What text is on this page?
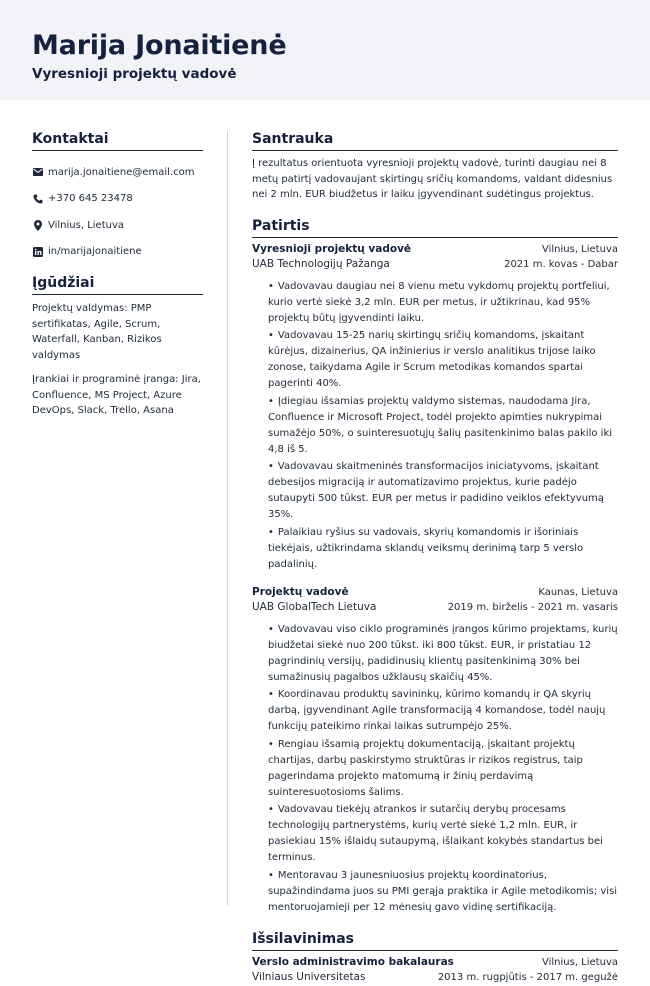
Marija Jonaitienė
Vyresnioji projektų vadovė
Kontaktai
marija.jonaitiene@email.com
+370 645 23478
Vilnius, Lietuva
in/marijajonaitiene
Įgūdžiai
Projektų valdymas: PMP sertifikatas, Agile, Scrum, Waterfall, Kanban, Rizikos valdymas
Įrankiai ir programinė įranga: Jira, Confluence, MS Project, Azure DevOps, Slack, Trello, Asana
Santrauka
Į rezultatus orientuota vyresnioji projektų vadovė, turinti daugiau nei 8 metų patirtį vadovaujant skirtingų sričių komandoms, valdant didesnius nei 2 mln. EUR biudžetus ir laiku įgyvendinant sudėtingus projektus.
Patirtis
Vyresnioji projektų vadovė	Vilnius, Lietuva
UAB Technologijų Pažanga	2021 m. kovas - Dabar
• Vadovavau daugiau nei 8 vienu metu vykdomų projektų portfeliui, kurio vertė siekė 3,2 mln. EUR per metus, ir užtikrinau, kad 95% projektų būtų įgyvendinti laiku.
• Vadovavau 15-25 narių skirtingų sričių komandoms, įskaitant kūrėjus, dizainerius, QA inžinierius ir verslo analitikus trijose laiko zonose, taikydama Agile ir Scrum metodikas komandos spartai pagerinti 40%.
• Įdiegiau išsamias projektų valdymo sistemas, naudodama Jira, Confluence ir Microsoft Project, todėl projekto apimties nukrypimai sumažėjo 50%, o suinteresuotųjų šalių pasitenkinimo balas pakilo iki 4,8 iš 5.
• Vadovavau skaitmeninės transformacijos iniciatyvoms, įskaitant debesijos migraciją ir automatizavimo projektus, kurie padėjo sutaupyti 500 tūkst. EUR per metus ir padidino veiklos efektyvumą 35%.
• Palaikiau ryšius su vadovais, skyrių komandomis ir išoriniais tiekėjais, užtikrindama sklandų veiksmų derinimą tarp 5 verslo padalinių.
Projektų vadovė	Kaunas, Lietuva
UAB GlobalTech Lietuva	2019 m. birželis - 2021 m. vasaris
• Vadovavau viso ciklo programinės įrangos kūrimo projektams, kurių biudžetai siekė nuo 200 tūkst. iki 800 tūkst. EUR, ir pristatiau 12 pagrindinių versijų, padidinusių klientų pasitenkinimą 30% bei sumažinusių pagalbos užklausų skaičių 45%.
• Koordinavau produktų savininkų, kūrimo komandų ir QA skyrių darbą, įgyvendinant Agile transformaciją 4 komandose, todėl naujų funkcijų pateikimo rinkai laikas sutrumpėjo 25%.
• Rengiau išsamią projektų dokumentaciją, įskaitant projektų chartijas, darbų paskirstymo struktūras ir rizikos registrus, taip pagerindama projekto matomumą ir žinių perdavimą suinteresuotosioms šalims.
• Vadovavau tiekėjų atrankos ir sutarčių derybų procesams technologijų partnerystėms, kurių vertė siekė 1,2 mln. EUR, ir pasiekiau 15% išlaidų sutaupymą, išlaikant kokybės standartus bei terminus.
• Mentoravau 3 jaunesniuosius projektų koordinatorius, supažindindama juos su PMI gerąja praktika ir Agile metodikomis; visi mentoruojamieji per 12 mėnesių gavo vidinę sertifikaciją.
Išsilavinimas
Verslo administravimo bakalauras	Vilnius, Lietuva
Vilniaus Universitetas	2013 m. rugpjūtis - 2017 m. gegužė
